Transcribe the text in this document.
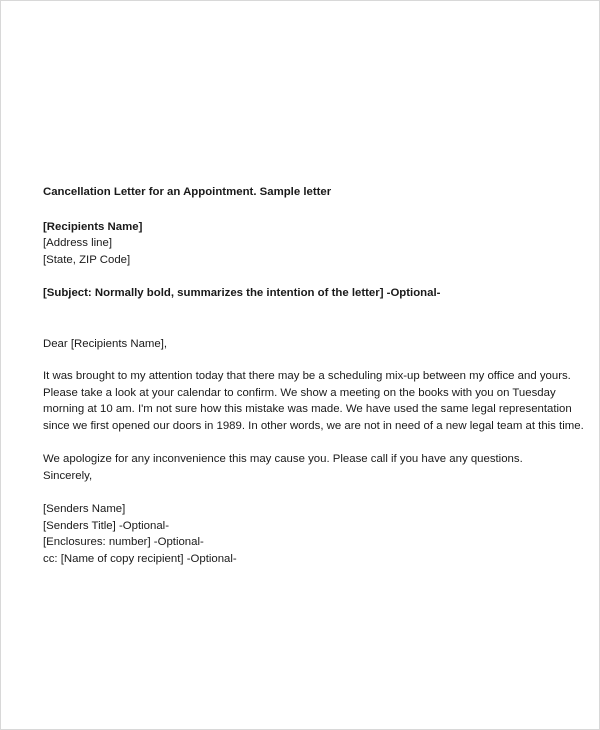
Cancellation Letter for an Appointment. Sample letter

[Recipients Name]

[Address line]

[State, ZIP Code]

[Subject: Normally bold, summarizes the intention of the letter] -Optional-

Dear [Recipients Name],

It was brought to my attention today that there may be a scheduling mix-up between my office and yours.

Please take a look at your calendar to confirm. We show a meeting on the books with you on Tuesday

morning at 10 am. I'm not sure how this mistake was made. We have used the same legal representation

since we first opened our doors in 1989. In other words, we are not in need of a new legal team at this time.

We apologize for any inconvenience this may cause you. Please call if you have any questions.

Sincerely,

[Senders Name]

[Senders Title] -Optional-

[Enclosures: number] -Optional-

cc: [Name of copy recipient] -Optional-
